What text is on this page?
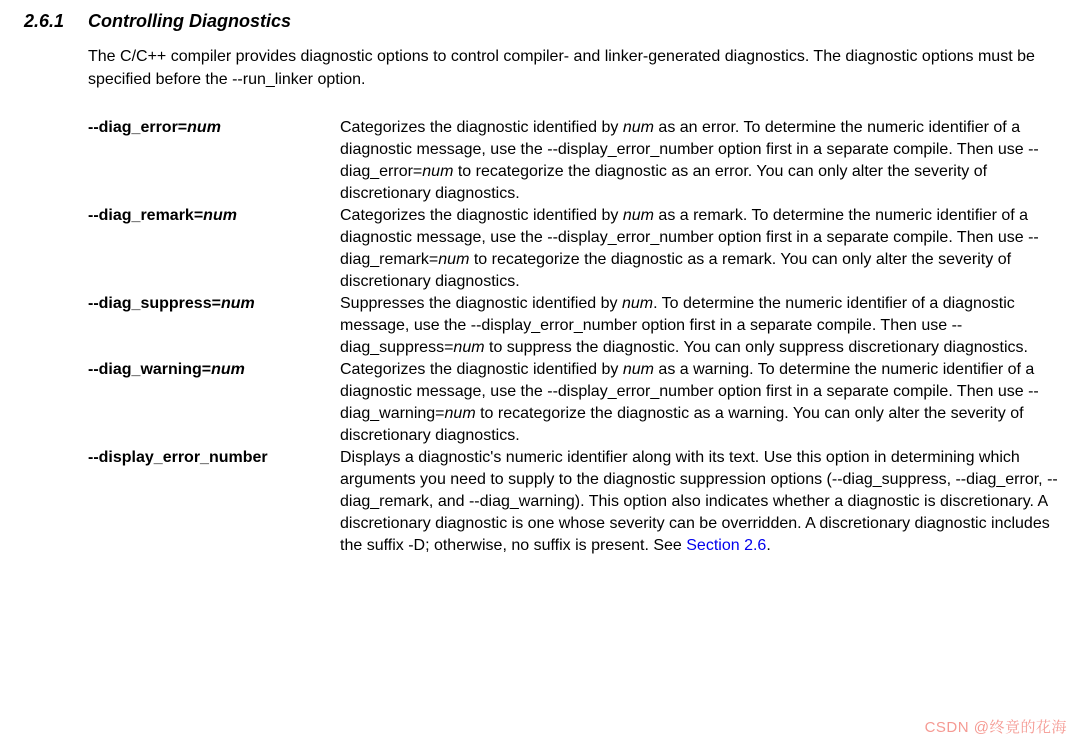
2.6.1	Controlling Diagnostics

The C/C++ compiler provides diagnostic options to control compiler- and linker-generated diagnostics. The diagnostic options must be specified before the --run_linker option.

--diag_error=num	Categorizes the diagnostic identified by num as an error. To determine the numeric identifier of a diagnostic message, use the --display_error_number option first in a separate compile. Then use --diag_error=num to recategorize the diagnostic as an error. You can only alter the severity of discretionary diagnostics.
--diag_remark=num	Categorizes the diagnostic identified by num as a remark. To determine the numeric identifier of a diagnostic message, use the --display_error_number option first in a separate compile. Then use --diag_remark=num to recategorize the diagnostic as a remark. You can only alter the severity of discretionary diagnostics.
--diag_suppress=num	Suppresses the diagnostic identified by num. To determine the numeric identifier of a diagnostic message, use the --display_error_number option first in a separate compile. Then use --diag_suppress=num to suppress the diagnostic. You can only suppress discretionary diagnostics.
--diag_warning=num	Categorizes the diagnostic identified by num as a warning. To determine the numeric identifier of a diagnostic message, use the --display_error_number option first in a separate compile. Then use --diag_warning=num to recategorize the diagnostic as a warning. You can only alter the severity of discretionary diagnostics.
--display_error_number	Displays a diagnostic's numeric identifier along with its text. Use this option in determining which arguments you need to supply to the diagnostic suppression options (--diag_suppress, --diag_error, --diag_remark, and --diag_warning). This option also indicates whether a diagnostic is discretionary. A discretionary diagnostic is one whose severity can be overridden. A discretionary diagnostic includes the suffix -D; otherwise, no suffix is present. See Section 2.6.
CSDN @终竟的花海
